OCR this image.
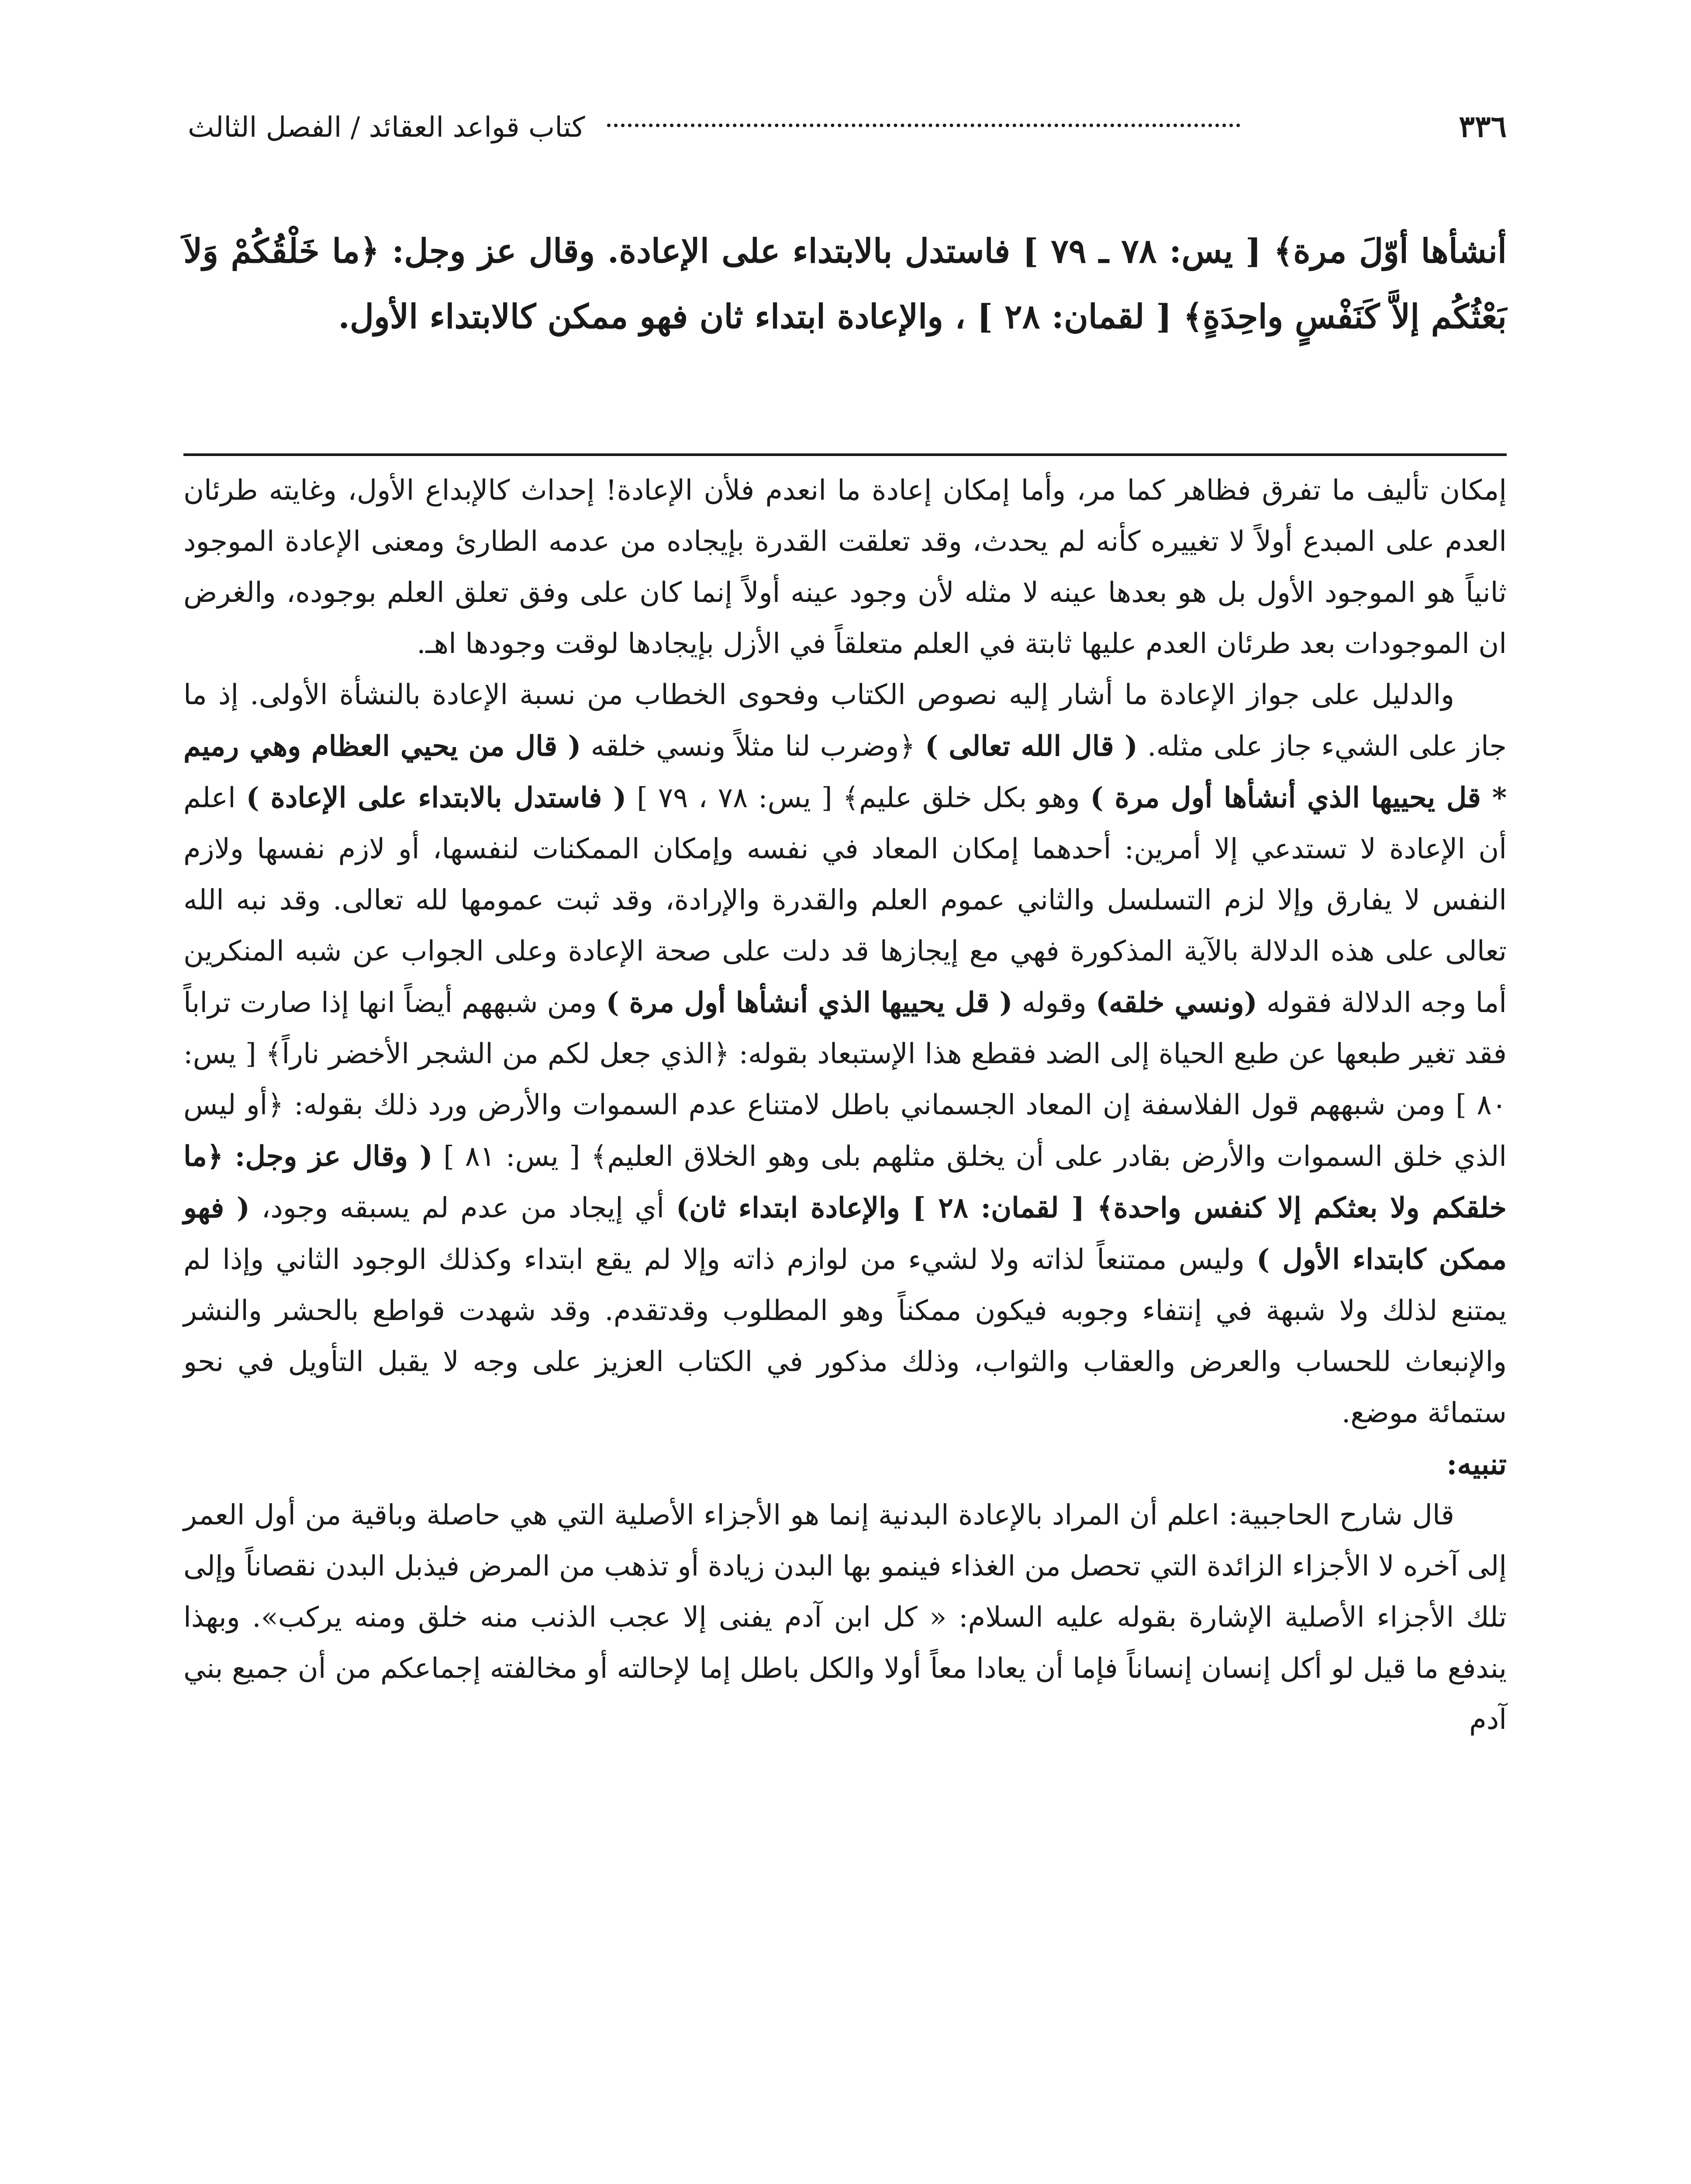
٣٣٦
كتاب قواعد العقائد / الفصل الثالث
أنشأها أوّلَ مرة﴾ [ يس: ٧٨ ـ ٧٩ ] فاستدل بالابتداء على الإعادة. وقال عز وجل: ﴿ما خَلْقُكُمْ وَلاَ بَعْثُكُم إلاَّ كَنَفْسٍ واحِدَةٍ﴾ [ لقمان: ٢٨ ] ، والإعادة ابتداء ثان فهو ممكن كالابتداء الأول.

إمكان تأليف ما تفرق فظاهر كما مر، وأما إمكان إعادة ما انعدم فلأن الإعادة! إحداث كالإبداع الأول، وغايته طرئان العدم على المبدع أولاً لا تغييره كأنه لم يحدث، وقد تعلقت القدرة بإيجاده من عدمه الطارئ ومعنى الإعادة الموجود ثانياً هو الموجود الأول بل هو بعدها عينه لا مثله لأن وجود عينه أولاً إنما كان على وفق تعلق العلم بوجوده، والغرض ان الموجودات بعد طرئان العدم عليها ثابتة في العلم متعلقاً في الأزل بإيجادها لوقت وجودها اهـ.

والدليل على جواز الإعادة ما أشار إليه نصوص الكتاب وفحوى الخطاب من نسبة الإعادة بالنشأة الأولى. إذ ما جاز على الشيء جاز على مثله. ( قال الله تعالى ) ﴿وضرب لنا مثلاً ونسي خلقه ( قال من يحيي العظام وهي رميم * قل يحييها الذي أنشأها أول مرة ) وهو بكل خلق عليم﴾ [ يس: ٧٨ ، ٧٩ ] ( فاستدل بالابتداء على الإعادة ) اعلم أن الإعادة لا تستدعي إلا أمرين: أحدهما إمكان المعاد في نفسه وإمكان الممكنات لنفسها، أو لازم نفسها ولازم النفس لا يفارق وإلا لزم التسلسل والثاني عموم العلم والقدرة والإرادة، وقد ثبت عمومها لله تعالى. وقد نبه الله تعالى على هذه الدلالة بالآية المذكورة فهي مع إيجازها قد دلت على صحة الإعادة وعلى الجواب عن شبه المنكرين أما وجه الدلالة فقوله (ونسي خلقه) وقوله ( قل يحييها الذي أنشأها أول مرة ) ومن شبههم أيضاً انها إذا صارت تراباً فقد تغير طبعها عن طبع الحياة إلى الضد فقطع هذا الإستبعاد بقوله: ﴿الذي جعل لكم من الشجر الأخضر ناراً﴾ [ يس: ٨٠ ] ومن شبههم قول الفلاسفة إن المعاد الجسماني باطل لامتناع عدم السموات والأرض ورد ذلك بقوله: ﴿أو ليس الذي خلق السموات والأرض بقادر على أن يخلق مثلهم بلى وهو الخلاق العليم﴾ [ يس: ٨١ ] ( وقال عز وجل: ﴿ما خلقكم ولا بعثكم إلا كنفس واحدة﴾ [ لقمان: ٢٨ ] والإعادة ابتداء ثان) أي إيجاد من عدم لم يسبقه وجود، ( فهو ممكن كابتداء الأول ) وليس ممتنعاً لذاته ولا لشيء من لوازم ذاته وإلا لم يقع ابتداء وكذلك الوجود الثاني وإذا لم يمتنع لذلك ولا شبهة في إنتفاء وجوبه فيكون ممكناً وهو المطلوب وقدتقدم. وقد شهدت قواطع بالحشر والنشر والإنبعاث للحساب والعرض والعقاب والثواب، وذلك مذكور في الكتاب العزيز على وجه لا يقبل التأويل في نحو ستمائة موضع.

تنبيه:

قال شارح الحاجبية: اعلم أن المراد بالإعادة البدنية إنما هو الأجزاء الأصلية التي هي حاصلة وباقية من أول العمر إلى آخره لا الأجزاء الزائدة التي تحصل من الغذاء فينمو بها البدن زيادة أو تذهب من المرض فيذبل البدن نقصاناً وإلى تلك الأجزاء الأصلية الإشارة بقوله عليه السلام: « كل ابن آدم يفنى إلا عجب الذنب منه خلق ومنه يركب». وبهذا يندفع ما قيل لو أكل إنسان إنساناً فإما أن يعادا معاً أولا والكل باطل إما لإحالته أو مخالفته إجماعكم من أن جميع بني آدم
